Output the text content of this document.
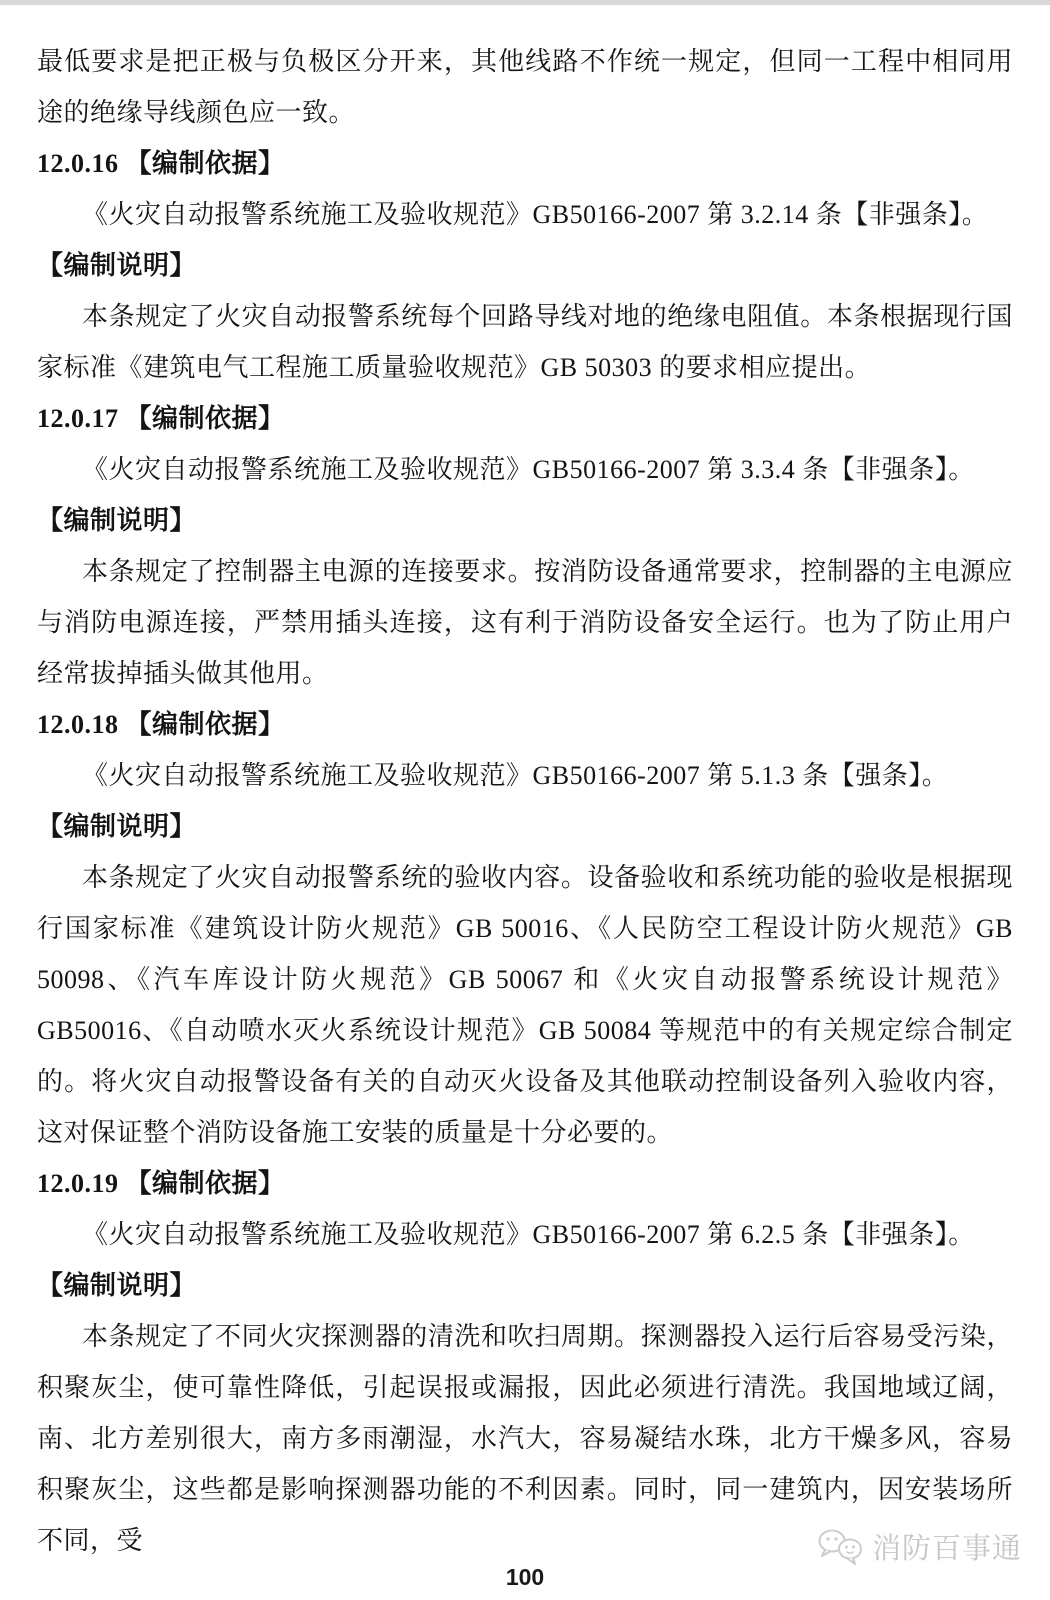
最低要求是把正极与负极区分开来，其他线路不作统一规定，但同一工程中相同用途的绝缘导线颜色应一致。

12.0.16 【编制依据】

《火灾自动报警系统施工及验收规范》GB50166-2007 第 3.2.14 条【非强条】。

【编制说明】

本条规定了火灾自动报警系统每个回路导线对地的绝缘电阻值。本条根据现行国家标准《建筑电气工程施工质量验收规范》GB 50303 的要求相应提出。

12.0.17 【编制依据】

《火灾自动报警系统施工及验收规范》GB50166-2007 第 3.3.4 条【非强条】。

【编制说明】

本条规定了控制器主电源的连接要求。按消防设备通常要求，控制器的主电源应与消防电源连接，严禁用插头连接，这有利于消防设备安全运行。也为了防止用户经常拔掉插头做其他用。

12.0.18 【编制依据】

《火灾自动报警系统施工及验收规范》GB50166-2007 第 5.1.3 条【强条】。

【编制说明】

本条规定了火灾自动报警系统的验收内容。设备验收和系统功能的验收是根据现行国家标准《建筑设计防火规范》GB 50016、《人民防空工程设计防火规范》GB 50098、《汽车库设计防火规范》GB 50067 和《火灾自动报警系统设计规范》GB50016、《自动喷水灭火系统设计规范》GB 50084 等规范中的有关规定综合制定的。将火灾自动报警设备有关的自动灭火设备及其他联动控制设备列入验收内容，这对保证整个消防设备施工安装的质量是十分必要的。

12.0.19 【编制依据】

《火灾自动报警系统施工及验收规范》GB50166-2007 第 6.2.5 条【非强条】。

【编制说明】

本条规定了不同火灾探测器的清洗和吹扫周期。探测器投入运行后容易受污染，积聚灰尘，使可靠性降低，引起误报或漏报，因此必须进行清洗。我国地域辽阔，南、北方差别很大，南方多雨潮湿，水汽大，容易凝结水珠，北方干燥多风，容易积聚灰尘，这些都是影响探测器功能的不利因素。同时，同一建筑内，因安装场所不同，受	消防百事通
100
